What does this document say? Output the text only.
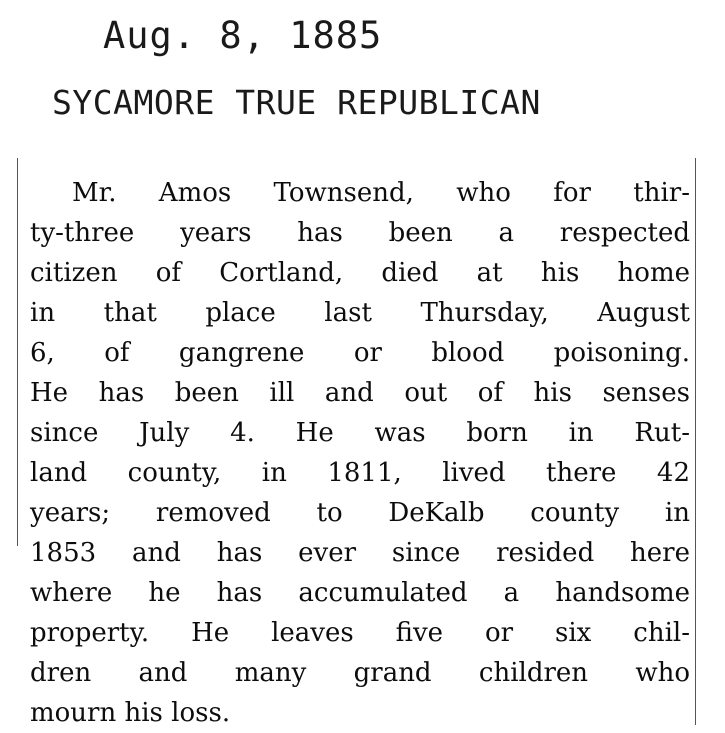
Aug. 8, 1885
SYCAMORE TRUE REPUBLICAN
Mr. Amos Townsend, who for thir-
ty-three years has been a respected
citizen of Cortland, died at his home
in that place last Thursday, August
6, of gangrene or blood poisoning.
He has been ill and out of his senses
since July 4. He was born in Rut-
land county, in 1811, lived there 42
years; removed to DeKalb county in
1853 and has ever since resided here
where he has accumulated a handsome
property. He leaves five or six chil-
dren and many grand children who
mourn his loss.
